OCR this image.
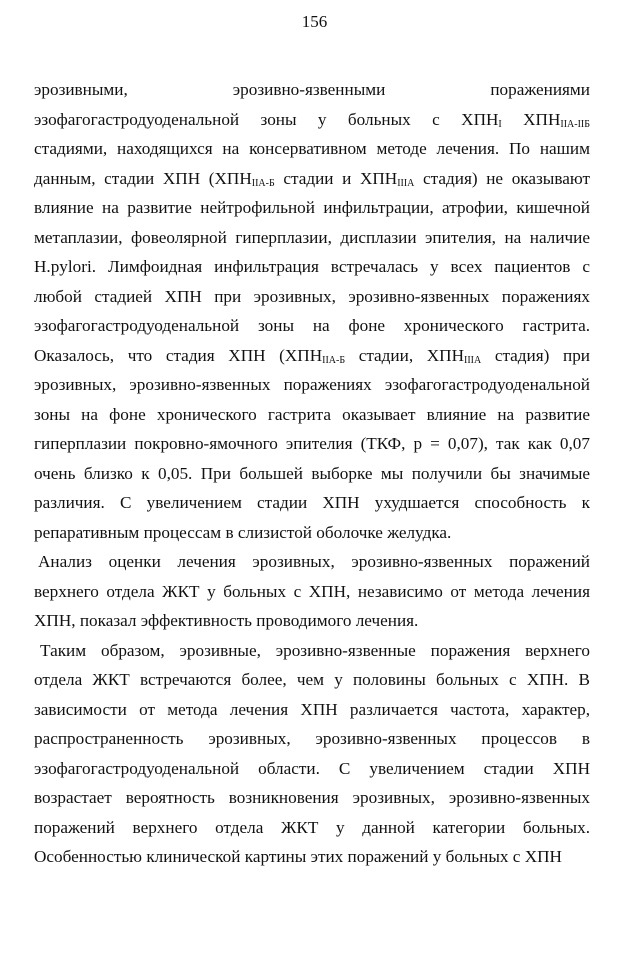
156
эрозивными, эрозивно-язвенными поражениями
эзофагогастродуоденальной зоны у больных с $ХПН_I$ $ХПН_{IIА-IIБ}$
стадиями, находящихся на консервативном методе лечения. По нашим
данным, стадии ХПН ($ХПН_{IIА-Б}$ стадии и $ХПН_{IIIА}$ стадия) не оказывают
влияние на развитие нейтрофильной инфильтрации, атрофии, кишечной
метаплазии, фовеолярной гиперплазии, дисплазии эпителия, на наличие
H.pylori. Лимфоидная инфильтрация встречалась у всех пациентов с
любой стадией ХПН при эрозивных, эрозивно-язвенных поражениях
эзофагогастродуоденальной зоны на фоне хронического гастрита.
Оказалось, что стадия ХПН ($ХПН_{IIА-Б}$ стадии, $ХПН_{IIIА}$ стадия) при
эрозивных, эрозивно-язвенных поражениях эзофагогастродуоденальной
зоны на фоне хронического гастрита оказывает влияние на развитие
гиперплазии покровно-ямочного эпителия (ТКФ, р = 0,07), так как 0,07
очень близко к 0,05. При большей выборке мы получили бы значимые
различия. С увеличением стадии ХПН ухудшается способность к
репаративным процессам в слизистой оболочке желудка.
Анализ оценки лечения эрозивных, эрозивно-язвенных поражений
верхнего отдела ЖКТ у больных с ХПН, независимо от метода лечения
ХПН, показал эффективность проводимого лечения.
Таким образом, эрозивные, эрозивно-язвенные поражения верхнего
отдела ЖКТ встречаются более, чем у половины больных с ХПН. В
зависимости от метода лечения ХПН различается частота, характер,
распространенность эрозивных, эрозивно-язвенных процессов в
эзофагогастродуоденальной области. С увеличением стадии ХПН
возрастает вероятность возникновения эрозивных, эрозивно-язвенных
поражений верхнего отдела ЖКТ у данной категории больных.
Особенностью клинической картины этих поражений у больных с ХПН
